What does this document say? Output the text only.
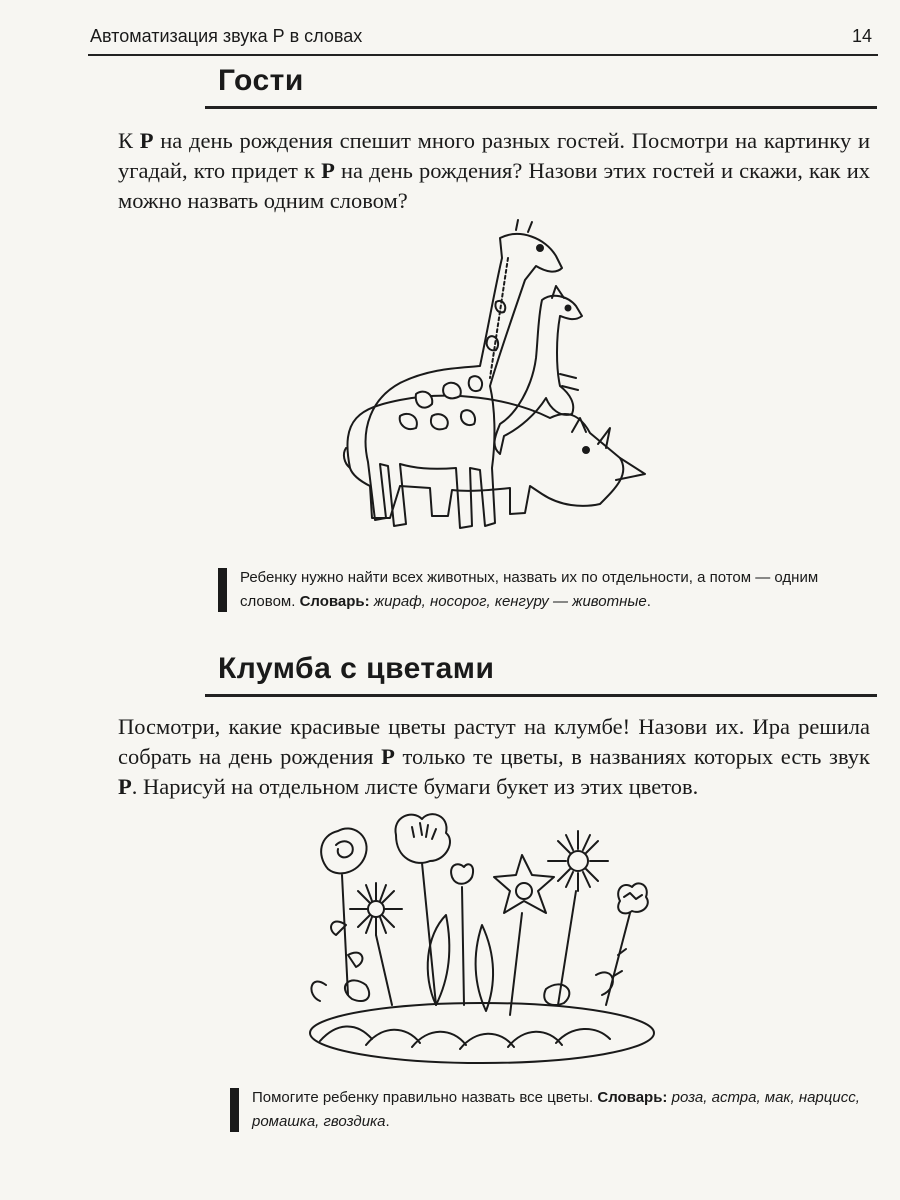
Автоматизация звука Р в словах	14
Гости
К Р на день рождения спешит много разных гостей. Посмотри на картинку и угадай, кто придет к Р на день рождения? Назови этих гостей и скажи, как их можно назвать одним словом?
Ребенку нужно найти всех животных, назвать их по отдельности, а потом — одним словом. Словарь: жираф, носорог, кенгуру — животные.
Клумба с цветами
Посмотри, какие красивые цветы растут на клумбе! Назови их. Ира решила собрать на день рождения Р только те цветы, в названиях которых есть звук Р. Нарисуй на отдельном листе бумаги букет из этих цветов.
Помогите ребенку правильно назвать все цветы. Словарь: роза, астра, мак, нарцисс, ромашка, гвоздика.
